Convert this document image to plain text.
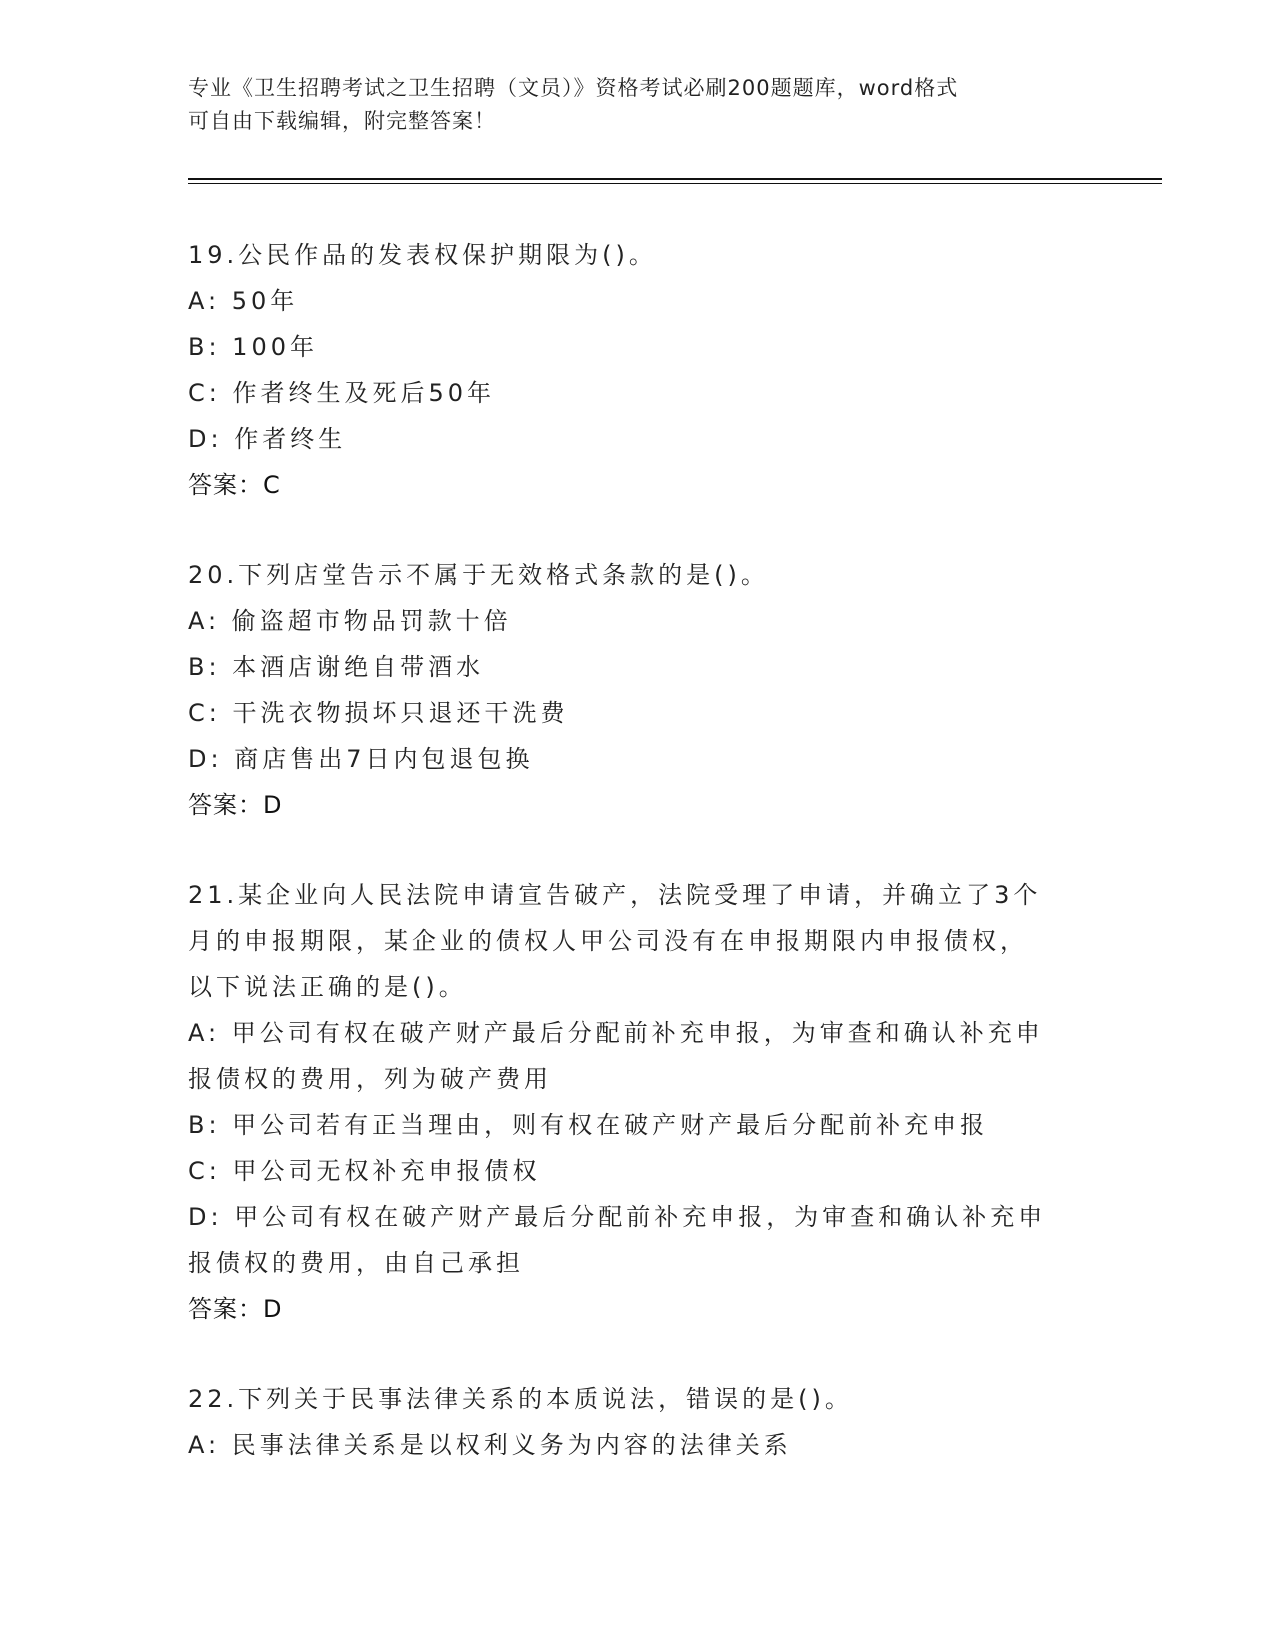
专业《卫生招聘考试之卫生招聘（文员）》资格考试必刷200题题库，word格式
可自由下载编辑，附完整答案！

19.公民作品的发表权保护期限为()。

A: 50年

B: 100年

C: 作者终生及死后50年

D: 作者终生

答案：C

20.下列店堂告示不属于无效格式条款的是()。

A: 偷盗超市物品罚款十倍

B: 本酒店谢绝自带酒水

C: 干洗衣物损坏只退还干洗费

D: 商店售出7日内包退包换

答案：D

21.某企业向人民法院申请宣告破产，法院受理了申请，并确立了3个

月的申报期限，某企业的债权人甲公司没有在申报期限内申报债权，

以下说法正确的是()。

A: 甲公司有权在破产财产最后分配前补充申报，为审查和确认补充申

报债权的费用，列为破产费用

B: 甲公司若有正当理由，则有权在破产财产最后分配前补充申报

C: 甲公司无权补充申报债权

D: 甲公司有权在破产财产最后分配前补充申报，为审查和确认补充申

报债权的费用，由自己承担

答案：D

22.下列关于民事法律关系的本质说法，错误的是()。

A: 民事法律关系是以权利义务为内容的法律关系
